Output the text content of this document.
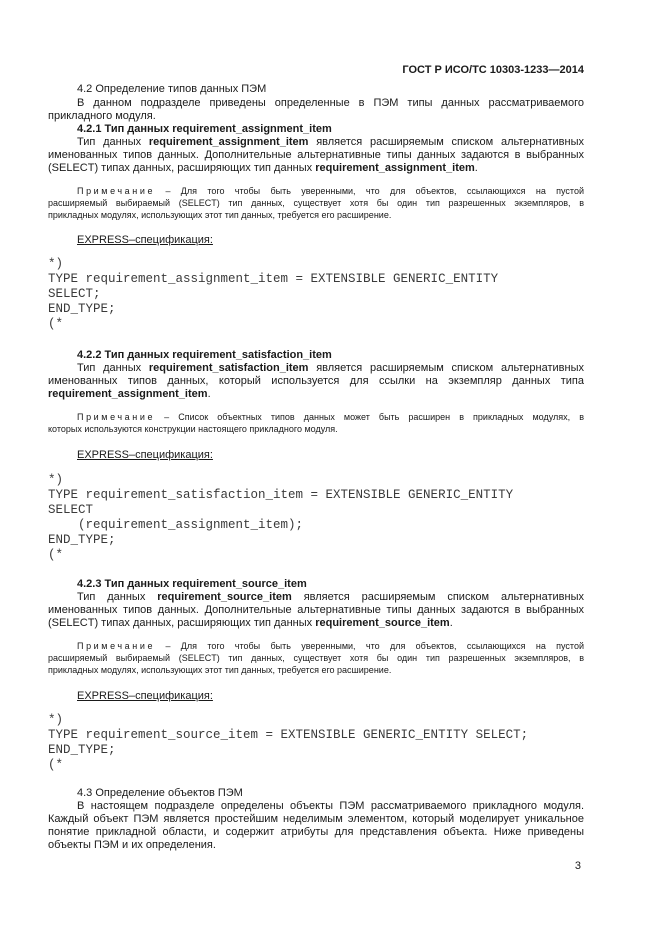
ГОСТ Р ИСО/ТС 10303-1233—2014
4.2 Определение типов данных ПЭМ
В данном подразделе приведены определенные в ПЭМ типы данных рассматриваемого
прикладного модуля.
4.2.1 Тип данных requirement_assignment_item
Тип данных requirement_assignment_item является расширяемым списком альтернативных
именованных типов данных. Дополнительные альтернативные типы данных задаются в выбранных
(SELECT) типах данных, расширяющих тип данных requirement_assignment_item.
Примечание – Для того чтобы быть уверенными, что для объектов, ссылающихся на пустой
расширяемый выбираемый (SELECT) тип данных, существует хотя бы один тип разрешенных экземпляров, в
прикладных модулях, использующих этот тип данных, требуется его расширение.
EXPRESS–спецификация:
*)
TYPE requirement_assignment_item = EXTENSIBLE GENERIC_ENTITY
SELECT;
END_TYPE;
(*
4.2.2 Тип данных requirement_satisfaction_item
Тип данных requirement_satisfaction_item является расширяемым списком альтернативных
именованных типов данных, который используется для ссылки на экземпляр данных типа
requirement_assignment_item.
Примечание – Список объектных типов данных может быть расширен в прикладных модулях, в
которых используются конструкции настоящего прикладного модуля.
EXPRESS–спецификация:
*)
TYPE requirement_satisfaction_item = EXTENSIBLE GENERIC_ENTITY
SELECT
(requirement_assignment_item);
END_TYPE;
(*
4.2.3 Тип данных requirement_source_item
Тип данных requirement_source_item является расширяемым списком альтернативных
именованных типов данных. Дополнительные альтернативные типы данных задаются в выбранных
(SELECT) типах данных, расширяющих тип данных requirement_source_item.
Примечание – Для того чтобы быть уверенными, что для объектов, ссылающихся на пустой
расширяемый выбираемый (SELECT) тип данных, существует хотя бы один тип разрешенных экземпляров, в
прикладных модулях, использующих этот тип данных, требуется его расширение.
EXPRESS–спецификация:
*)
TYPE requirement_source_item = EXTENSIBLE GENERIC_ENTITY SELECT;
END_TYPE;
(*
4.3 Определение объектов ПЭМ
В настоящем подразделе определены объекты ПЭМ рассматриваемого прикладного модуля.
Каждый объект ПЭМ является простейшим неделимым элементом, который моделирует уникальное
понятие прикладной области, и содержит атрибуты для представления объекта. Ниже приведены
объекты ПЭМ и их определения.
3
